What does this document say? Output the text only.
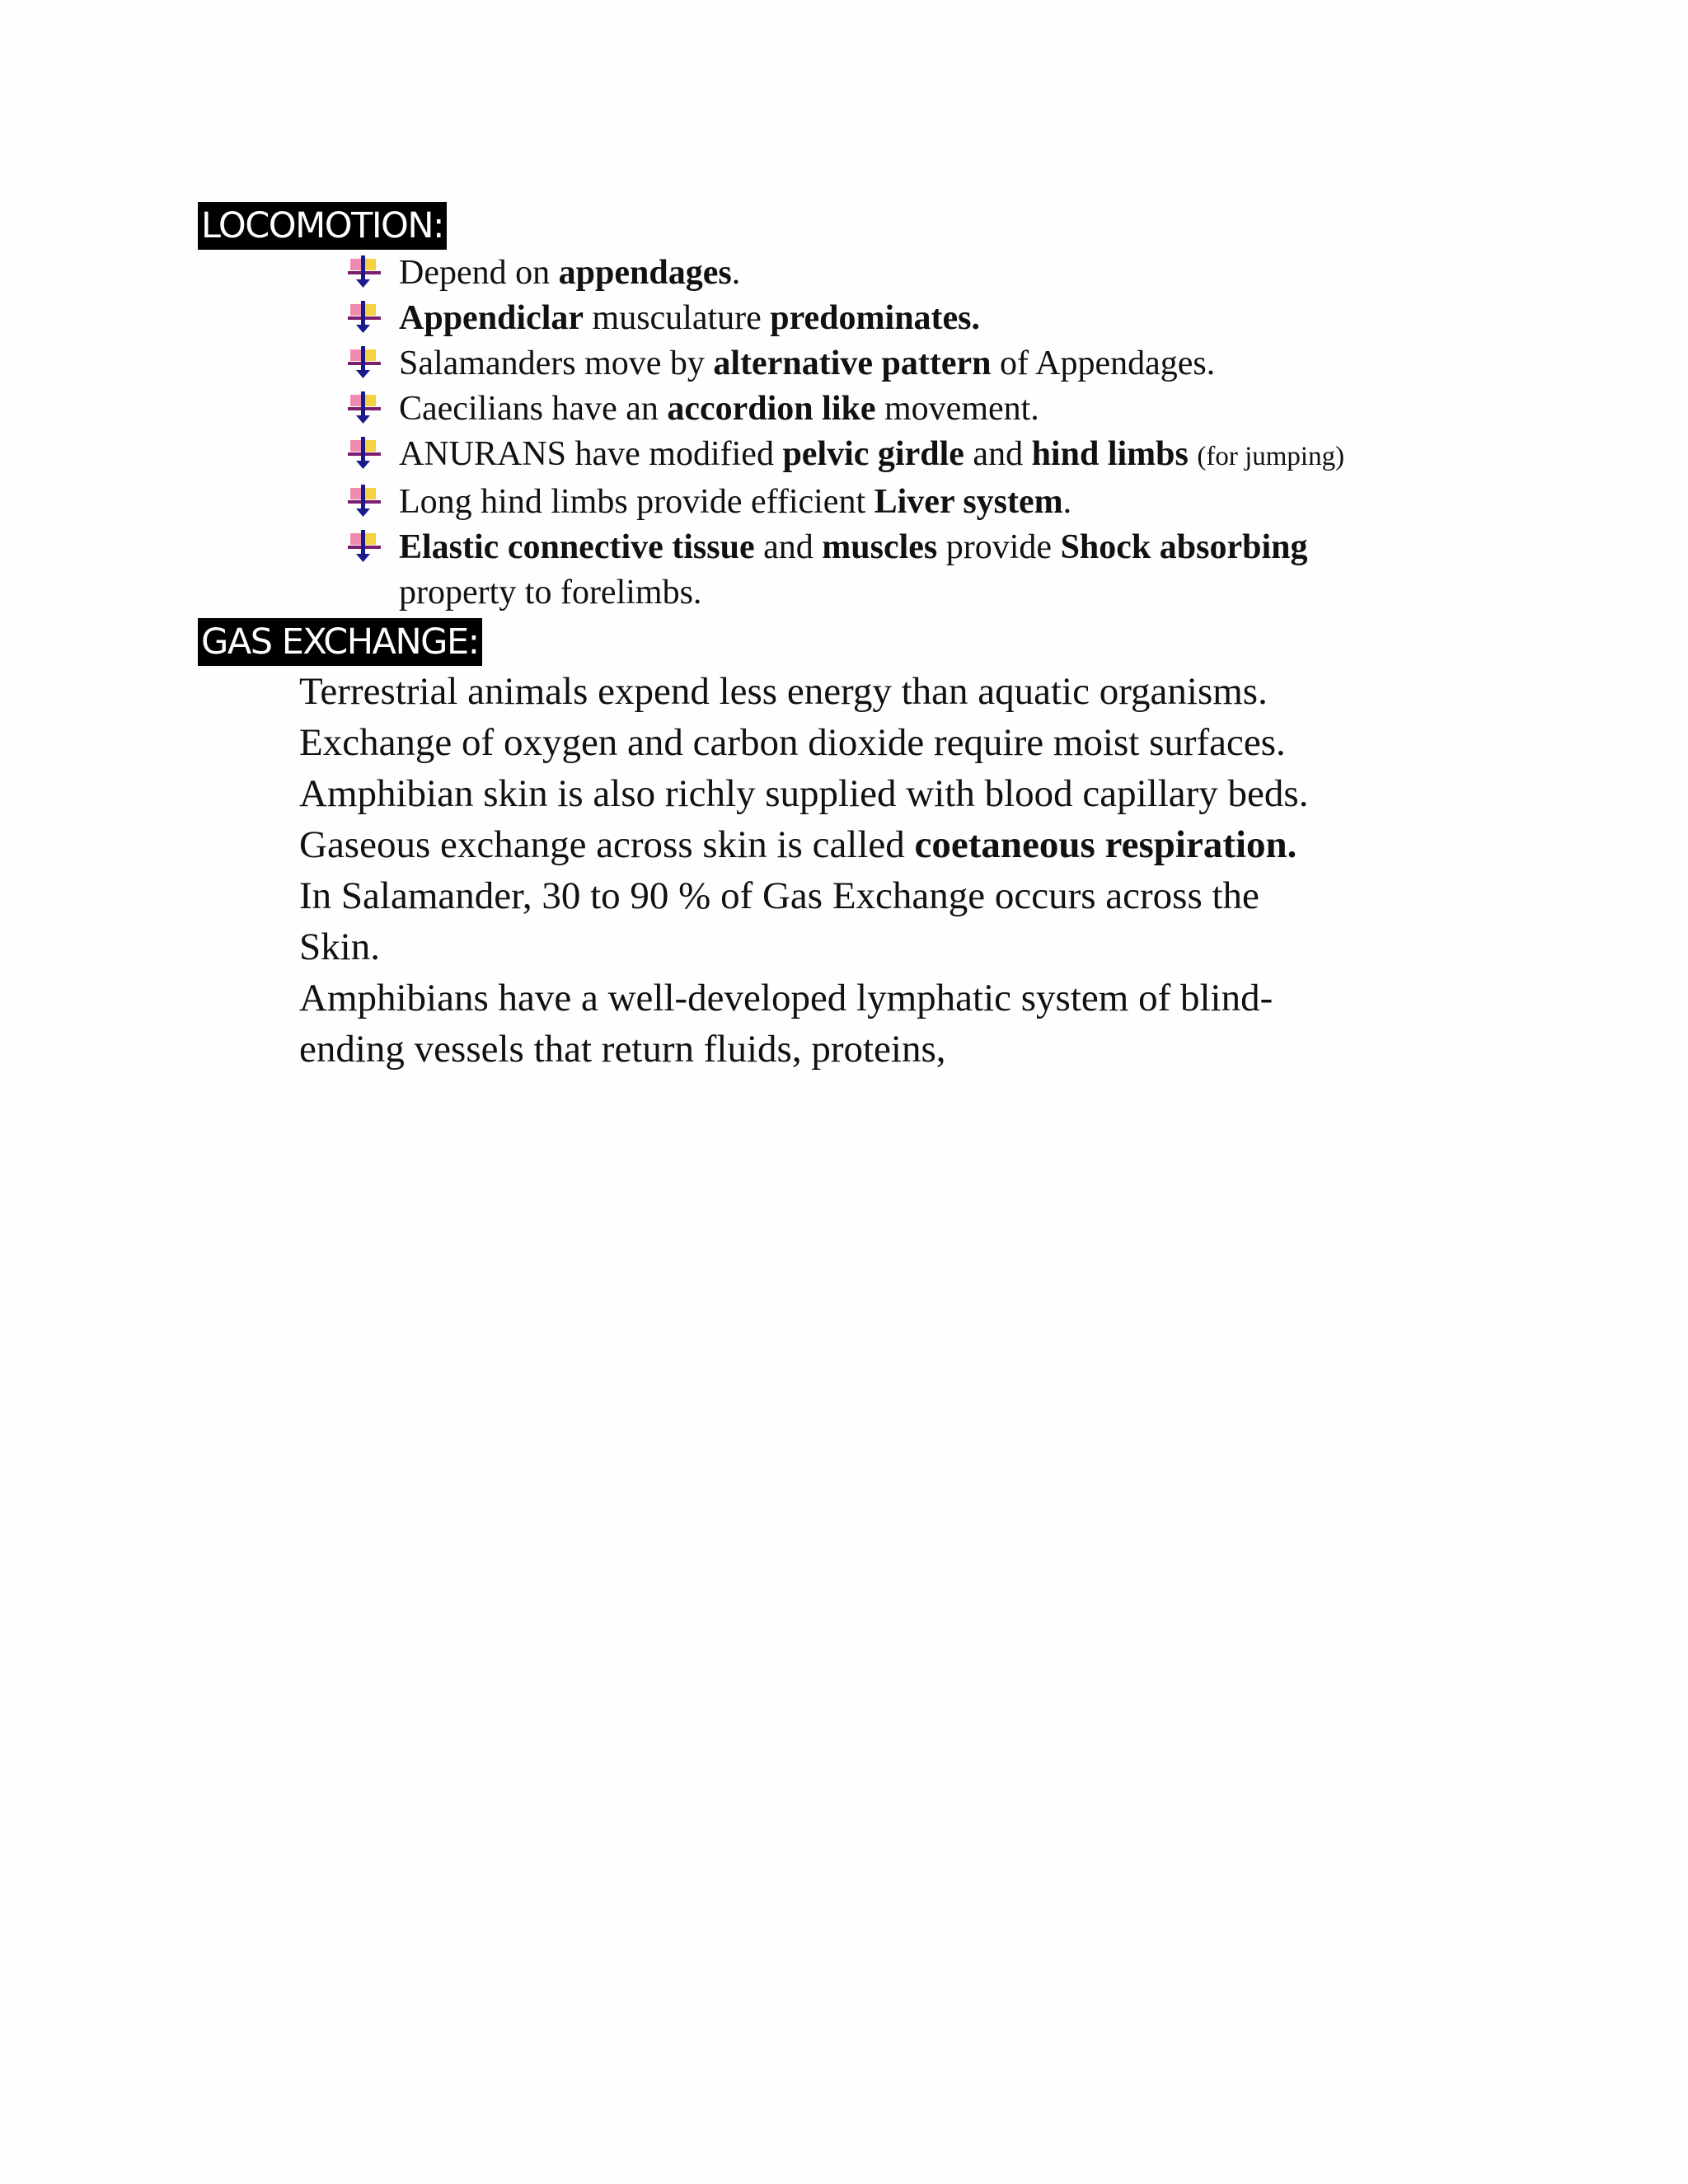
LOCOMOTION:
Depend on appendages.
Appendiclar musculature predominates.
Salamanders move by alternative pattern of Appendages.
Caecilians have an accordion like movement.
ANURANS have modified pelvic girdle and hind limbs (for jumping)
Long hind limbs provide efficient Liver system.
Elastic connective tissue and muscles provide Shock absorbing
property to forelimbs.
GAS EXCHANGE:

Terrestrial animals expend less energy than aquatic organisms.

Exchange of oxygen and carbon dioxide require moist surfaces.

Amphibian skin is also richly supplied with blood capillary beds.

Gaseous exchange across skin is called coetaneous respiration.

In Salamander, 30 to 90 % of Gas Exchange occurs across the

Skin.

Amphibians have a well-developed lymphatic system of blind-

ending vessels that return fluids, proteins,
